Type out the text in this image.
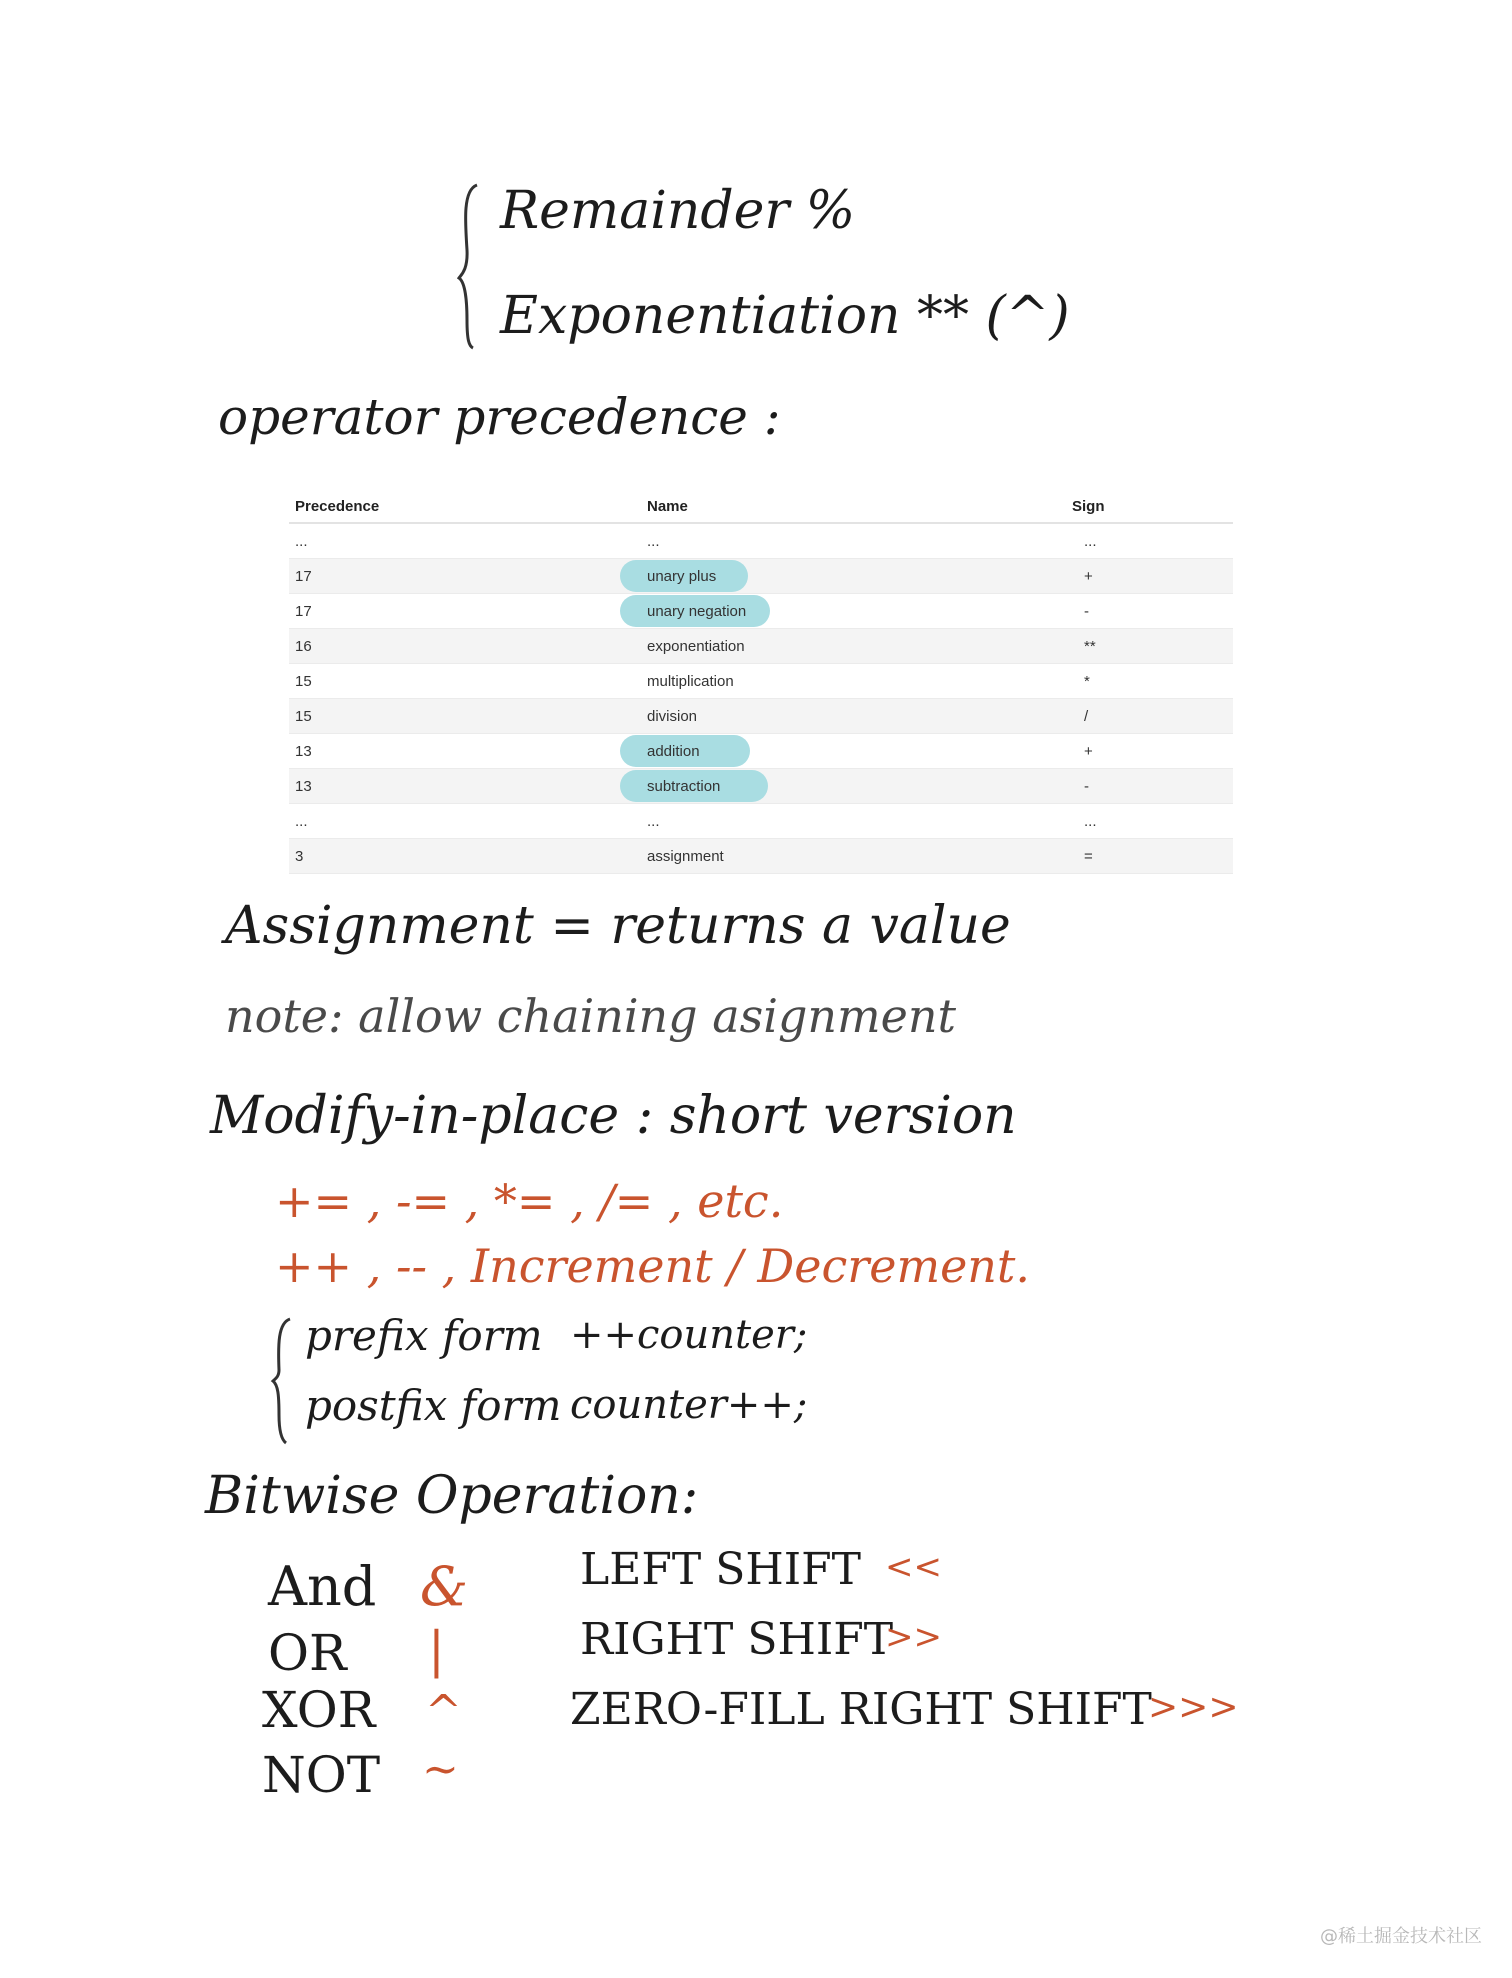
Remainder %
Exponentiation ** (^)
operator precedence :
Precedence	Name	Sign
...	...	...
17	unary plus	+
17	unary negation	-
16	exponentiation	**
15	multiplication	*
15	division	/
13	addition	+
13	subtraction	-
...	...	...
3	assignment	=
Assignment = returns a value
note: allow chaining asignment
Modify-in-place : short version
+= , -= , *= , /= , etc.
++ , -- , Increment / Decrement.
prefix form ++counter;
postfix form counter++;
Bitwise Operation:
And &
OR |
XOR ^
NOT ~
LEFT SHIFT <<
RIGHT SHIFT
>>
ZERO-FILL RIGHT SHIFT
>>>
@稀土掘金技术社区
